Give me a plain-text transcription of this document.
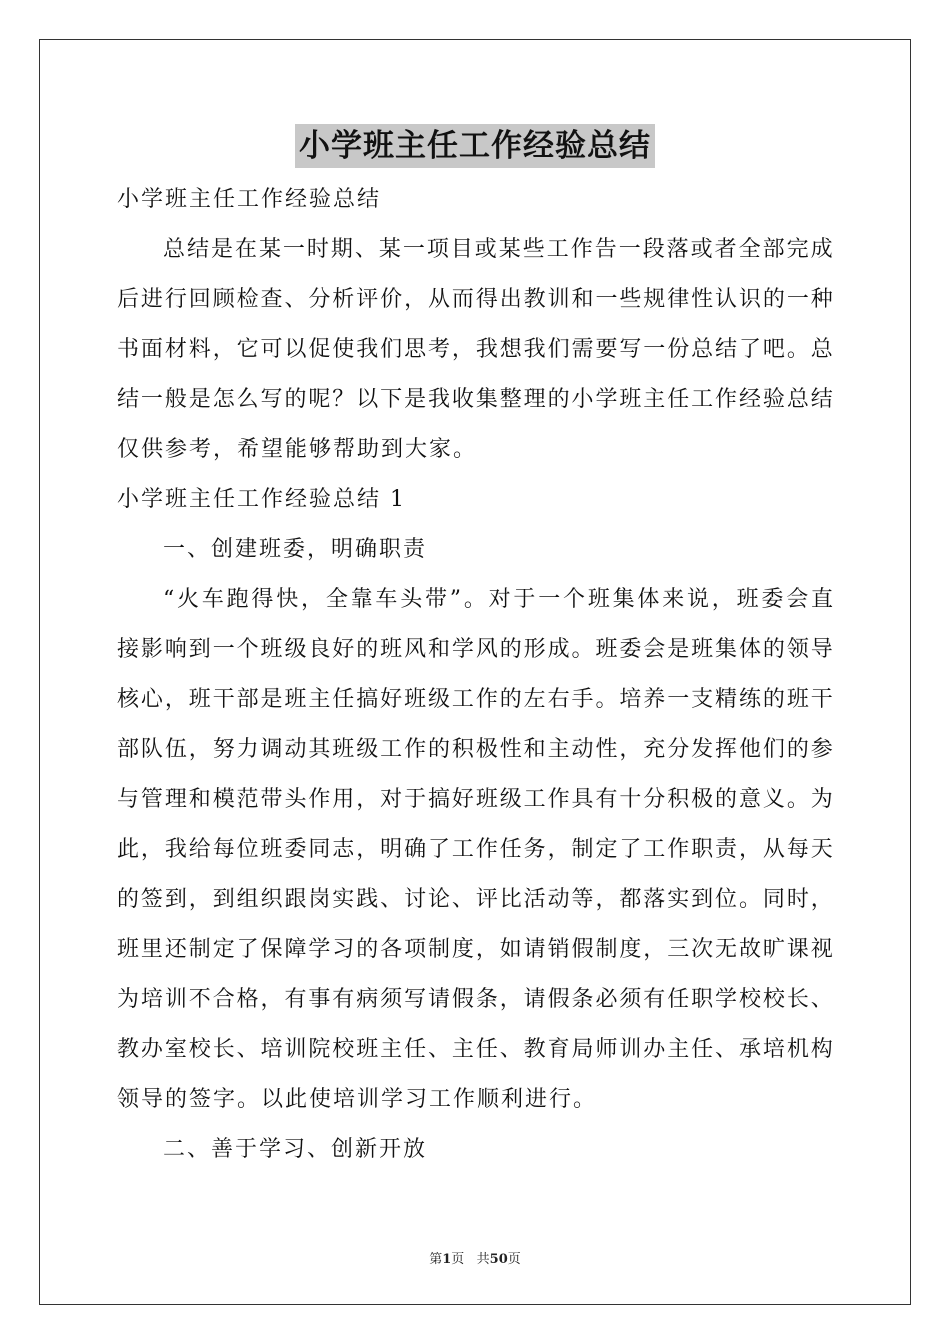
小学班主任工作经验总结
小学班主任工作经验总结
总 结 是 在 某 一 时 期 、 某 一 项 目 或 某 些 工 作 告 一 段 落 或 者 全 部 完 成
后 进 行 回 顾 检 查 、 分 析 评 价 ， 从 而 得 出 教 训 和 一 些 规 律 性 认 识 的 一 种
书 面 材 料 ， 它 可 以 促 使 我 们 思 考 ， 我 想 我 们 需 要 写 一 份 总 结 了 吧 。 总
结 一 般 是 怎 么 写 的 呢 ？ 以 下 是 我 收 集 整 理 的 小 学 班 主 任 工 作 经 验 总 结
仅供参考，希望能够帮助到大家。
小学班主任工作经验总结 1
一、创建班委，明确职责
“ 火 车 跑 得 快 ， 全 靠 车 头 带 ” 。 对 于 一 个 班 集 体 来 说 ， 班 委 会 直
接 影 响 到 一 个 班 级 良 好 的 班 风 和 学 风 的 形 成 。 班 委 会 是 班 集 体 的 领 导
核 心 ， 班 干 部 是 班 主 任 搞 好 班 级 工 作 的 左 右 手 。 培 养 一 支 精 练 的 班 干
部 队 伍 ， 努 力 调 动 其 班 级 工 作 的 积 极 性 和 主 动 性 ， 充 分 发 挥 他 们 的 参
与 管 理 和 模 范 带 头 作 用 ， 对 于 搞 好 班 级 工 作 具 有 十 分 积 极 的 意 义 。 为
此 ， 我 给 每 位 班 委 同 志 ， 明 确 了 工 作 任 务 ， 制 定 了 工 作 职 责 ， 从 每 天
的 签 到 ， 到 组 织 跟 岗 实 践 、 讨 论 、 评 比 活 动 等 ， 都 落 实 到 位 。 同 时 ，
班 里 还 制 定 了 保 障 学 习 的 各 项 制 度 ， 如 请 销 假 制 度 ， 三 次 无 故 旷 课 视
为 培 训 不 合 格 ， 有 事 有 病 须 写 请 假 条 ， 请 假 条 必 须 有 任 职 学 校 校 长 、
教 办 室 校 长 、 培 训 院 校 班 主 任 、 主 任 、 教 育 局 师 训 办 主 任 、 承 培 机 构
领导的签字。以此使培训学习工作顺利进行。
二、善于学习、创新开放
第1页   共50页
